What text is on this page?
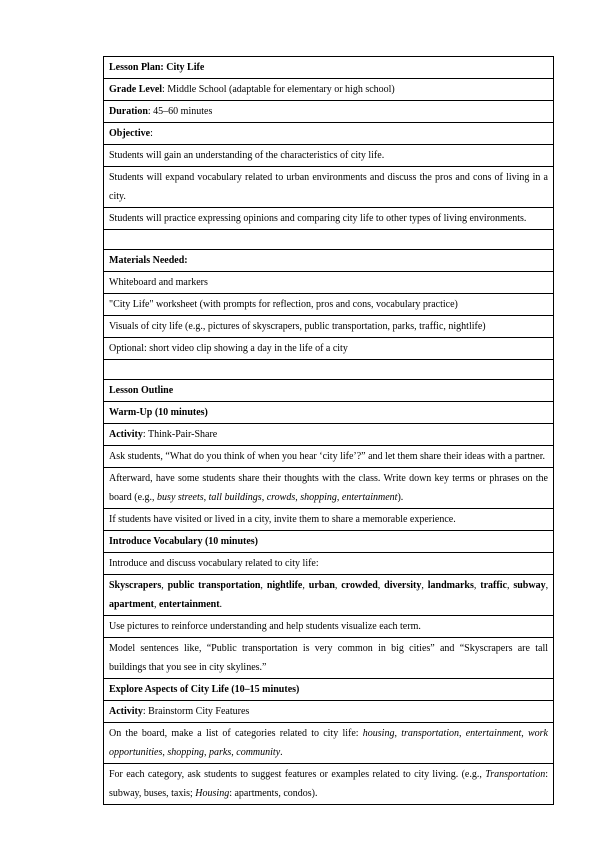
Lesson Plan: City Life
Grade Level: Middle School (adaptable for elementary or high school)
Duration: 45–60 minutes
Objective:
Students will gain an understanding of the characteristics of city life.
Students will expand vocabulary related to urban environments and discuss the pros and cons of living in a city.
Students will practice expressing opinions and comparing city life to other types of living environments.

Materials Needed:
Whiteboard and markers
"City Life" worksheet (with prompts for reflection, pros and cons, vocabulary practice)
Visuals of city life (e.g., pictures of skyscrapers, public transportation, parks, traffic, nightlife)
Optional: short video clip showing a day in the life of a city

Lesson Outline
Warm-Up (10 minutes)
Activity: Think-Pair-Share
Ask students, “What do you think of when you hear ‘city life’?” and let them share their ideas with a partner.
Afterward, have some students share their thoughts with the class. Write down key terms or phrases on the board (e.g., busy streets, tall buildings, crowds, shopping, entertainment).
If students have visited or lived in a city, invite them to share a memorable experience.
Introduce Vocabulary (10 minutes)
Introduce and discuss vocabulary related to city life:
Skyscrapers, public transportation, nightlife, urban, crowded, diversity, landmarks, traffic, subway, apartment, entertainment.
Use pictures to reinforce understanding and help students visualize each term.
Model sentences like, “Public transportation is very common in big cities” and “Skyscrapers are tall buildings that you see in city skylines.”
Explore Aspects of City Life (10–15 minutes)
Activity: Brainstorm City Features
On the board, make a list of categories related to city life: housing, transportation, entertainment, work opportunities, shopping, parks, community.
For each category, ask students to suggest features or examples related to city living. (e.g., Transportation: subway, buses, taxis; Housing: apartments, condos).
